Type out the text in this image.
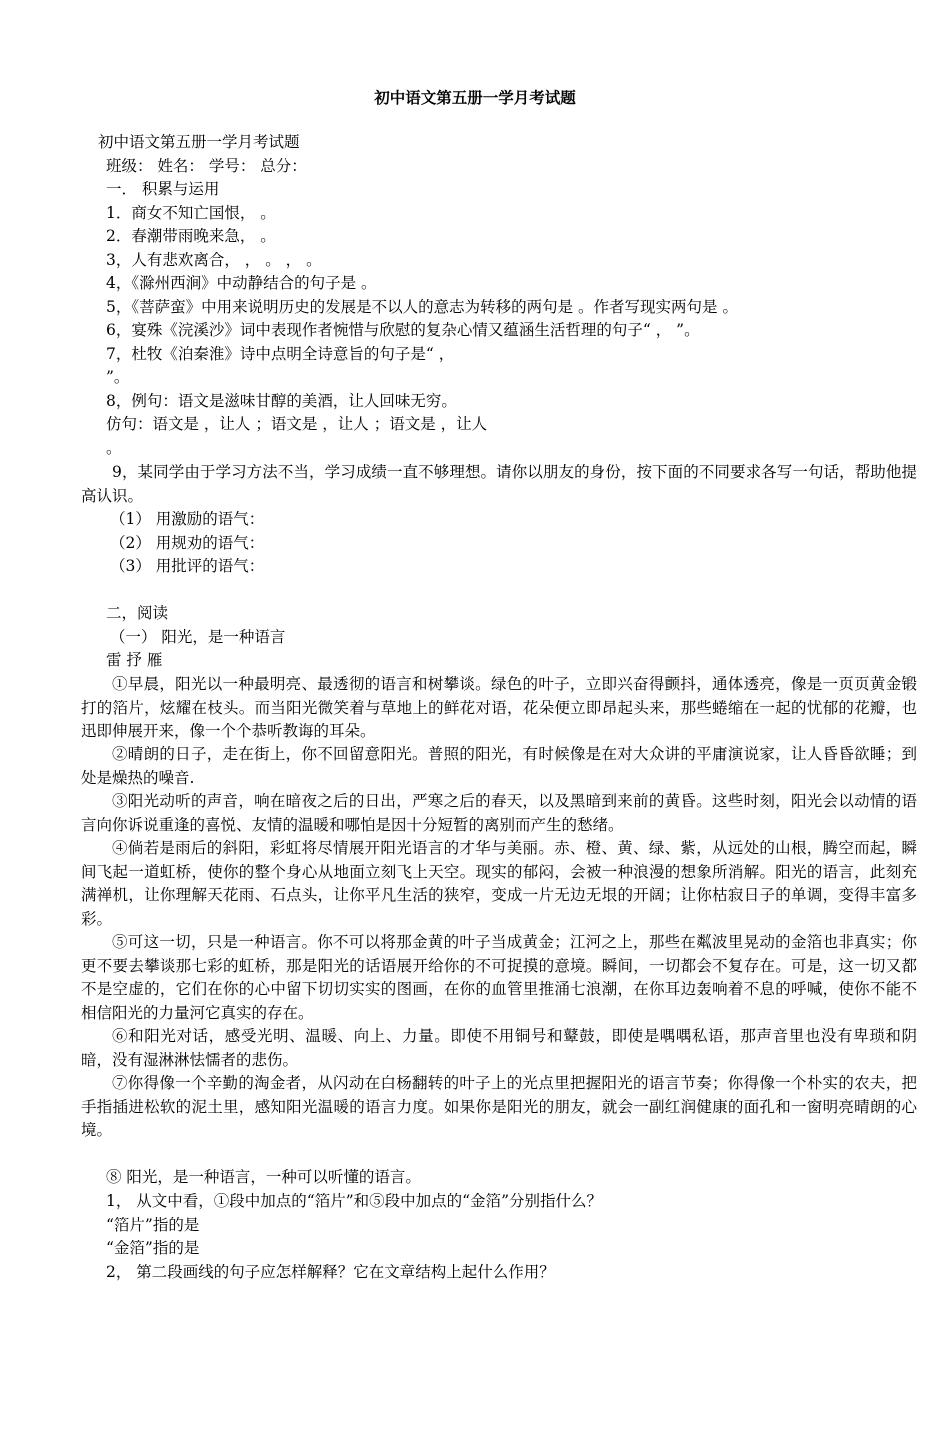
初中语文第五册一学月考试题
初中语文第五册一学月考试题
班级： 姓名： 学号： 总分：
一． 积累与运用
1．商女不知亡国恨， 。
2．春潮带雨晚来急， 。
3，人有悲欢离合， ， 。 ， 。
4，《滁州西涧》中动静结合的句子是 。
5，《菩萨蛮》中用来说明历史的发展是不以人的意志为转移的两句是 。作者写现实两句是 。
6，宴殊《浣溪沙》词中表现作者惋惜与欣慰的复杂心情又蕴涵生活哲理的句子“ ， ”。
7，杜牧《泊秦淮》诗中点明全诗意旨的句子是“ ，
”。
8，例句：语文是滋味甘醇的美酒，让人回味无穷。
仿句：语文是 ，让人 ；语文是 ，让人 ；语文是 ，让人
。
9，某同学由于学习方法不当，学习成绩一直不够理想。请你以朋友的身份，按下面的不同要求各写一句话，帮助他提高认识。
（1） 用激励的语气：
（2） 用规劝的语气：
（3） 用批评的语气：
二，阅读
（一） 阳光，是一种语言
雷 抒 雁
①早晨，阳光以一种最明亮、最透彻的语言和树攀谈。绿色的叶子，立即兴奋得颤抖，通体透亮，像是一页页黄金锻打的箔片，炫耀在枝头。而当阳光微笑着与草地上的鲜花对语，花朵便立即昂起头来，那些蜷缩在一起的忧郁的花瓣，也迅即伸展开来，像一个个恭听教诲的耳朵。
②晴朗的日子，走在街上，你不回留意阳光。普照的阳光，有时候像是在对大众讲的平庸演说家，让人昏昏欲睡；到处是燥热的噪音.
③阳光动听的声音，响在暗夜之后的日出，严寒之后的春天，以及黑暗到来前的黄昏。这些时刻，阳光会以动情的语言向你诉说重逢的喜悦、友情的温暖和哪怕是因十分短暂的离别而产生的愁绪。
④倘若是雨后的斜阳，彩虹将尽情展开阳光语言的才华与美丽。赤、橙、黄、绿、紫，从远处的山根，腾空而起，瞬间飞起一道虹桥，使你的整个身心从地面立刻飞上天空。现实的郁闷，会被一种浪漫的想象所消解。阳光的语言，此刻充满禅机，让你理解天花雨、石点头，让你平凡生活的狭窄，变成一片无边无垠的开阔；让你枯寂日子的单调，变得丰富多彩。
⑤可这一切，只是一种语言。你不可以将那金黄的叶子当成黄金；江河之上，那些在粼波里晃动的金箔也非真实；你更不要去攀谈那七彩的虹桥，那是阳光的话语展开给你的不可捉摸的意境。瞬间，一切都会不复存在。可是，这一切又都不是空虚的，它们在你的心中留下切切实实的图画，在你的血管里推涌七浪潮，在你耳边轰响着不息的呼喊，使你不能不相信阳光的力量河它真实的存在。
⑥和阳光对话，感受光明、温暖、向上、力量。即使不用铜号和鼙鼓，即使是喁喁私语，那声音里也没有卑琐和阴暗，没有湿淋淋怯懦者的悲伤。
⑦你得像一个辛勤的淘金者，从闪动在白杨翻转的叶子上的光点里把握阳光的语言节奏；你得像一个朴实的农夫，把手指插进松软的泥土里，感知阳光温暖的语言力度。如果你是阳光的朋友，就会一副红润健康的面孔和一窗明亮晴朗的心境。
⑧ 阳光，是一种语言，一种可以听懂的语言。
1， 从文中看，①段中加点的“箔片”和⑤段中加点的“金箔”分别指什么？
“箔片”指的是
“金箔”指的是
2， 第二段画线的句子应怎样解释？它在文章结构上起什么作用？
